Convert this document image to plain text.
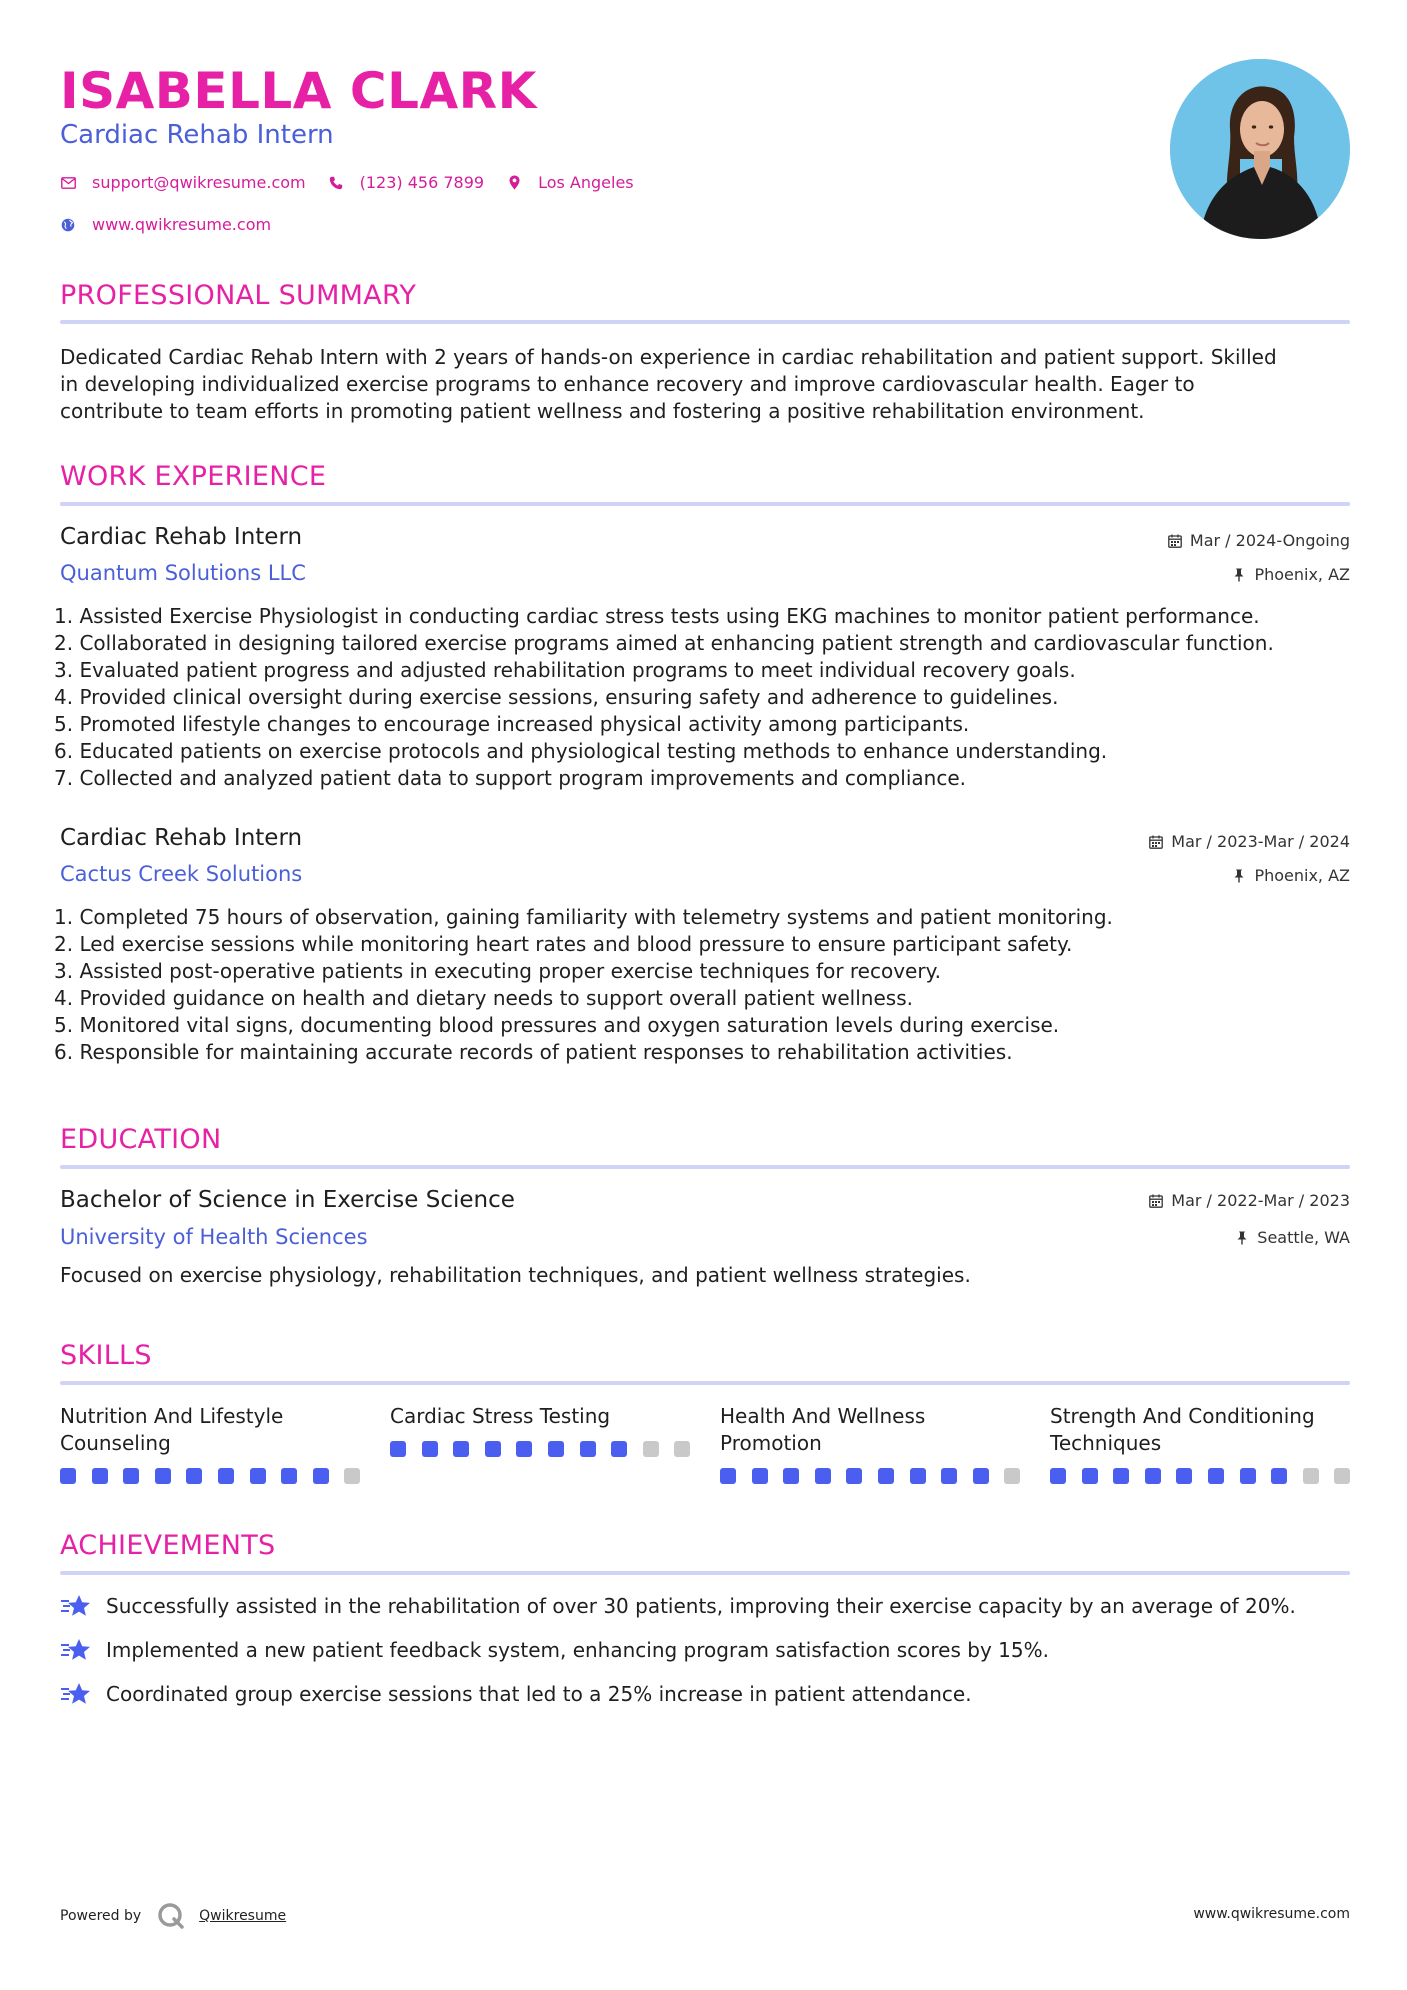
ISABELLA CLARK
Cardiac Rehab Intern
support@qwikresume.com	(123) 456 7899	Los Angeles
www.qwikresume.com
PROFESSIONAL SUMMARY
Dedicated Cardiac Rehab Intern with 2 years of hands-on experience in cardiac rehabilitation and patient support. Skilled
in developing individualized exercise programs to enhance recovery and improve cardiovascular health. Eager to
contribute to team efforts in promoting patient wellness and fostering a positive rehabilitation environment.
WORK EXPERIENCE
Cardiac Rehab Intern	Mar / 2024-Ongoing
Quantum Solutions LLC	Phoenix, AZ
1. Assisted Exercise Physiologist in conducting cardiac stress tests using EKG machines to monitor patient performance.
2. Collaborated in designing tailored exercise programs aimed at enhancing patient strength and cardiovascular function.
3. Evaluated patient progress and adjusted rehabilitation programs to meet individual recovery goals.
4. Provided clinical oversight during exercise sessions, ensuring safety and adherence to guidelines.
5. Promoted lifestyle changes to encourage increased physical activity among participants.
6. Educated patients on exercise protocols and physiological testing methods to enhance understanding.
7. Collected and analyzed patient data to support program improvements and compliance.
Cardiac Rehab Intern	Mar / 2023-Mar / 2024
Cactus Creek Solutions	Phoenix, AZ
1. Completed 75 hours of observation, gaining familiarity with telemetry systems and patient monitoring.
2. Led exercise sessions while monitoring heart rates and blood pressure to ensure participant safety.
3. Assisted post-operative patients in executing proper exercise techniques for recovery.
4. Provided guidance on health and dietary needs to support overall patient wellness.
5. Monitored vital signs, documenting blood pressures and oxygen saturation levels during exercise.
6. Responsible for maintaining accurate records of patient responses to rehabilitation activities.
EDUCATION
Bachelor of Science in Exercise Science	Mar / 2022-Mar / 2023
University of Health Sciences	Seattle, WA
Focused on exercise physiology, rehabilitation techniques, and patient wellness strategies.
SKILLS
Nutrition And Lifestyle
Counseling
Cardiac Stress Testing	Health And Wellness
Promotion
Strength And Conditioning
Techniques
ACHIEVEMENTS
Successfully assisted in the rehabilitation of over 30 patients, improving their exercise capacity by an average of 20%.
Implemented a new patient feedback system, enhancing program satisfaction scores by 15%.
Coordinated group exercise sessions that led to a 25% increase in patient attendance.
Powered by	Qwikresume	www.qwikresume.com
